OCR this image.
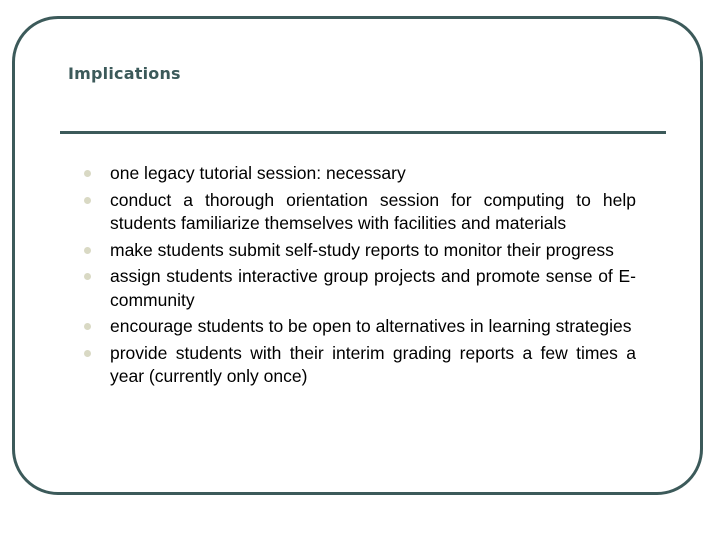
Implications
one legacy tutorial session: necessary
conduct a thorough orientation session for computing to help students familiarize themselves with facilities and materials
make students submit self-study reports to monitor their progress
assign students interactive group projects and promote sense of E-community
encourage students to be open to alternatives in learning strategies
provide students with their interim grading reports a few times a year (currently only once)
